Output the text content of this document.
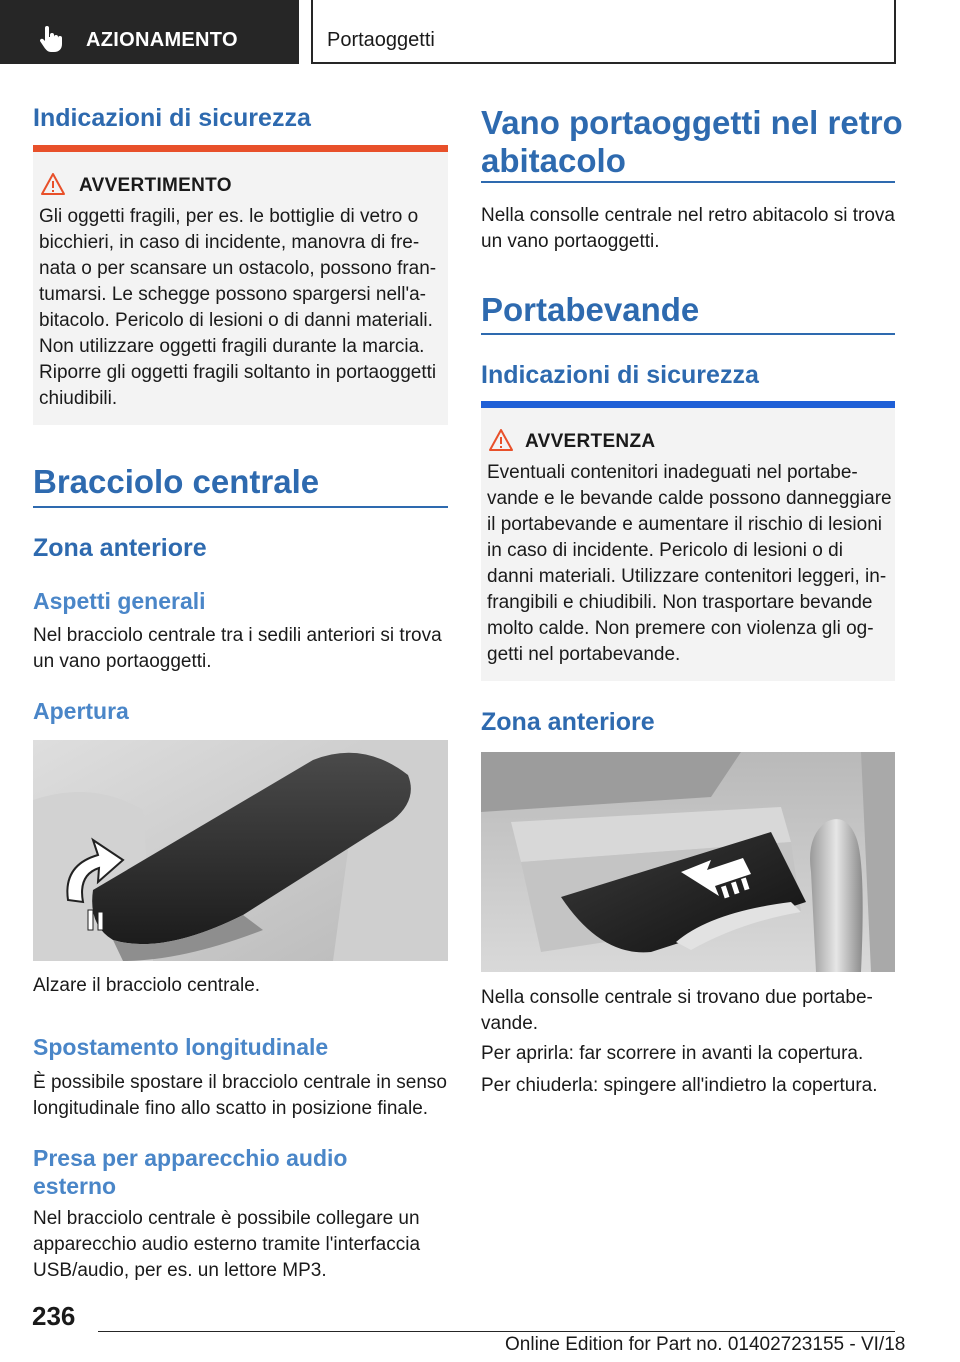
AZIONAMENTO	Portaoggetti
Indicazioni di sicurezza
AVVERTIMENTO
Gli oggetti fragili, per es. le bottiglie di vetro o
bicchieri, in caso di incidente, manovra di fre-
nata o per scansare un ostacolo, possono fran-
tumarsi. Le schegge possono spargersi nell'a-
bitacolo. Pericolo di lesioni o di danni materiali.
Non utilizzare oggetti fragili durante la marcia.
Riporre gli oggetti fragili soltanto in portaoggetti
chiudibili.
Bracciolo centrale
Zona anteriore
Aspetti generali
Nel bracciolo centrale tra i sedili anteriori si trova
un vano portaoggetti.
Apertura
Alzare il bracciolo centrale.
Spostamento longitudinale
È possibile spostare il bracciolo centrale in senso
longitudinale fino allo scatto in posizione finale.
Presa per apparecchio audio
esterno
Nel bracciolo centrale è possibile collegare un
apparecchio audio esterno tramite l'interfaccia
USB/audio, per es. un lettore MP3.
Vano portaoggetti nel retro
abitacolo
Nella consolle centrale nel retro abitacolo si trova
un vano portaoggetti.
Portabevande
Indicazioni di sicurezza
AVVERTENZA
Eventuali contenitori inadeguati nel portabe-
vande e le bevande calde possono danneggiare
il portabevande e aumentare il rischio di lesioni
in caso di incidente. Pericolo di lesioni o di
danni materiali. Utilizzare contenitori leggeri, in-
frangibili e chiudibili. Non trasportare bevande
molto calde. Non premere con violenza gli og-
getti nel portabevande.
Zona anteriore
Nella consolle centrale si trovano due portabe-
vande.
Per aprirla: far scorrere in avanti la copertura.
Per chiuderla: spingere all'indietro la copertura.
236
Online Edition for Part no. 01402723155 - VI/18
